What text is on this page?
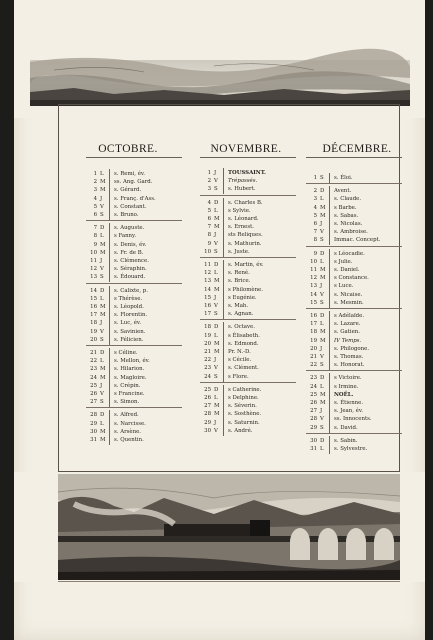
OCTOBRE.	NOVEMBRE.	DÉCEMBRE.
1 L	s. Remi, év.
2 M ss. Ang. Gard.
3 M s. Gérard.
4 J	s. Franç. d'Ass.
5 V	s. Constant.
6 S	s. Bruno.
7 D	s. Auguste.
8 L	s Fanny.
9 M s. Denis, év.
10 M s. Fr. de B.
11 J	s. Clémence.
12 V	s. Séraphin.
13 S	s. Édouard.
14 D	s. Calixte, p.
15 L	s Thérèse.
16 M s. Léopold.
17 M s. Florentin.
18 J	s. Luc, év.
19 V	s. Savinien.
20 S	s. Félicien.
21 D	s Céline.
22 L	s. Mellon, év.
23 M s. Hilarion.
24 M s. Magloire.
25 J	s. Crépin.
26 V	s Francine.
27 S	s. Simon.
28 D	s. Alfred.
29 L	s. Narcisse.
30 M s. Arsène.
31 M s. Quentin.
1 J	TOUSSAINT.
2 V	Trépassés.
3 S	s. Hubert.
4 D	s. Charles B.
5 L	s Sylvie.
6 M s. Léonard.
7 M s. Ernest.
8 J	sts Reliques.
9 V	s. Mathurin.
10 S	s. Juste.
11 D	s. Martin, év.
12 L	s. René.
13 M s. Brice.
14 M s Philomène.
15 J	s Eugénie.
16 V	s. Mah.
17 S	s. Agnan.
18 D	s. Octave.
19 L	s Élisabeth.
20 M s. Edmond.
21 M Pr. N.-D.
22 J	s Cécile.
23 V	s. Clément.
24 S	s Flore.
25 D	s Catherine.
26 L	s Delphine.
27 M s. Séverin.
28 M s. Sosthène.
29 J	s. Saturnin.
30 V	s. André.
1 S	s. Éloi.
2 D	Avent.
3 L	s. Claude.
4 M s Barbe.
5 M s. Sabas.
6 J	s. Nicolas.
7 V	s. Ambroise.
8 S	Immac. Concept.
9 D	s Léocadie.
10 L	s Julie.
11 M s. Daniel.
12 M s Constance.
13 J	s Luce.
14 V	s. Nicaise.
15 S	s. Mesmin.
16 D	s Adélaïde.
17 L	s. Lazare.
18 M s. Gatien.
19 M IV Temps.
20 J	s. Philogone.
21 V	s. Thomas.
22 S	s. Honorat.
23 D	s Victoire.
24 L	s Irmine.
25 M NOËL.
26 M s. Étienne.
27 J	s. Jean, év.
28 V	ss. Innocents.
29 S	s. David.
30 D	s. Sabin.
31 L	s. Sylvestre.
